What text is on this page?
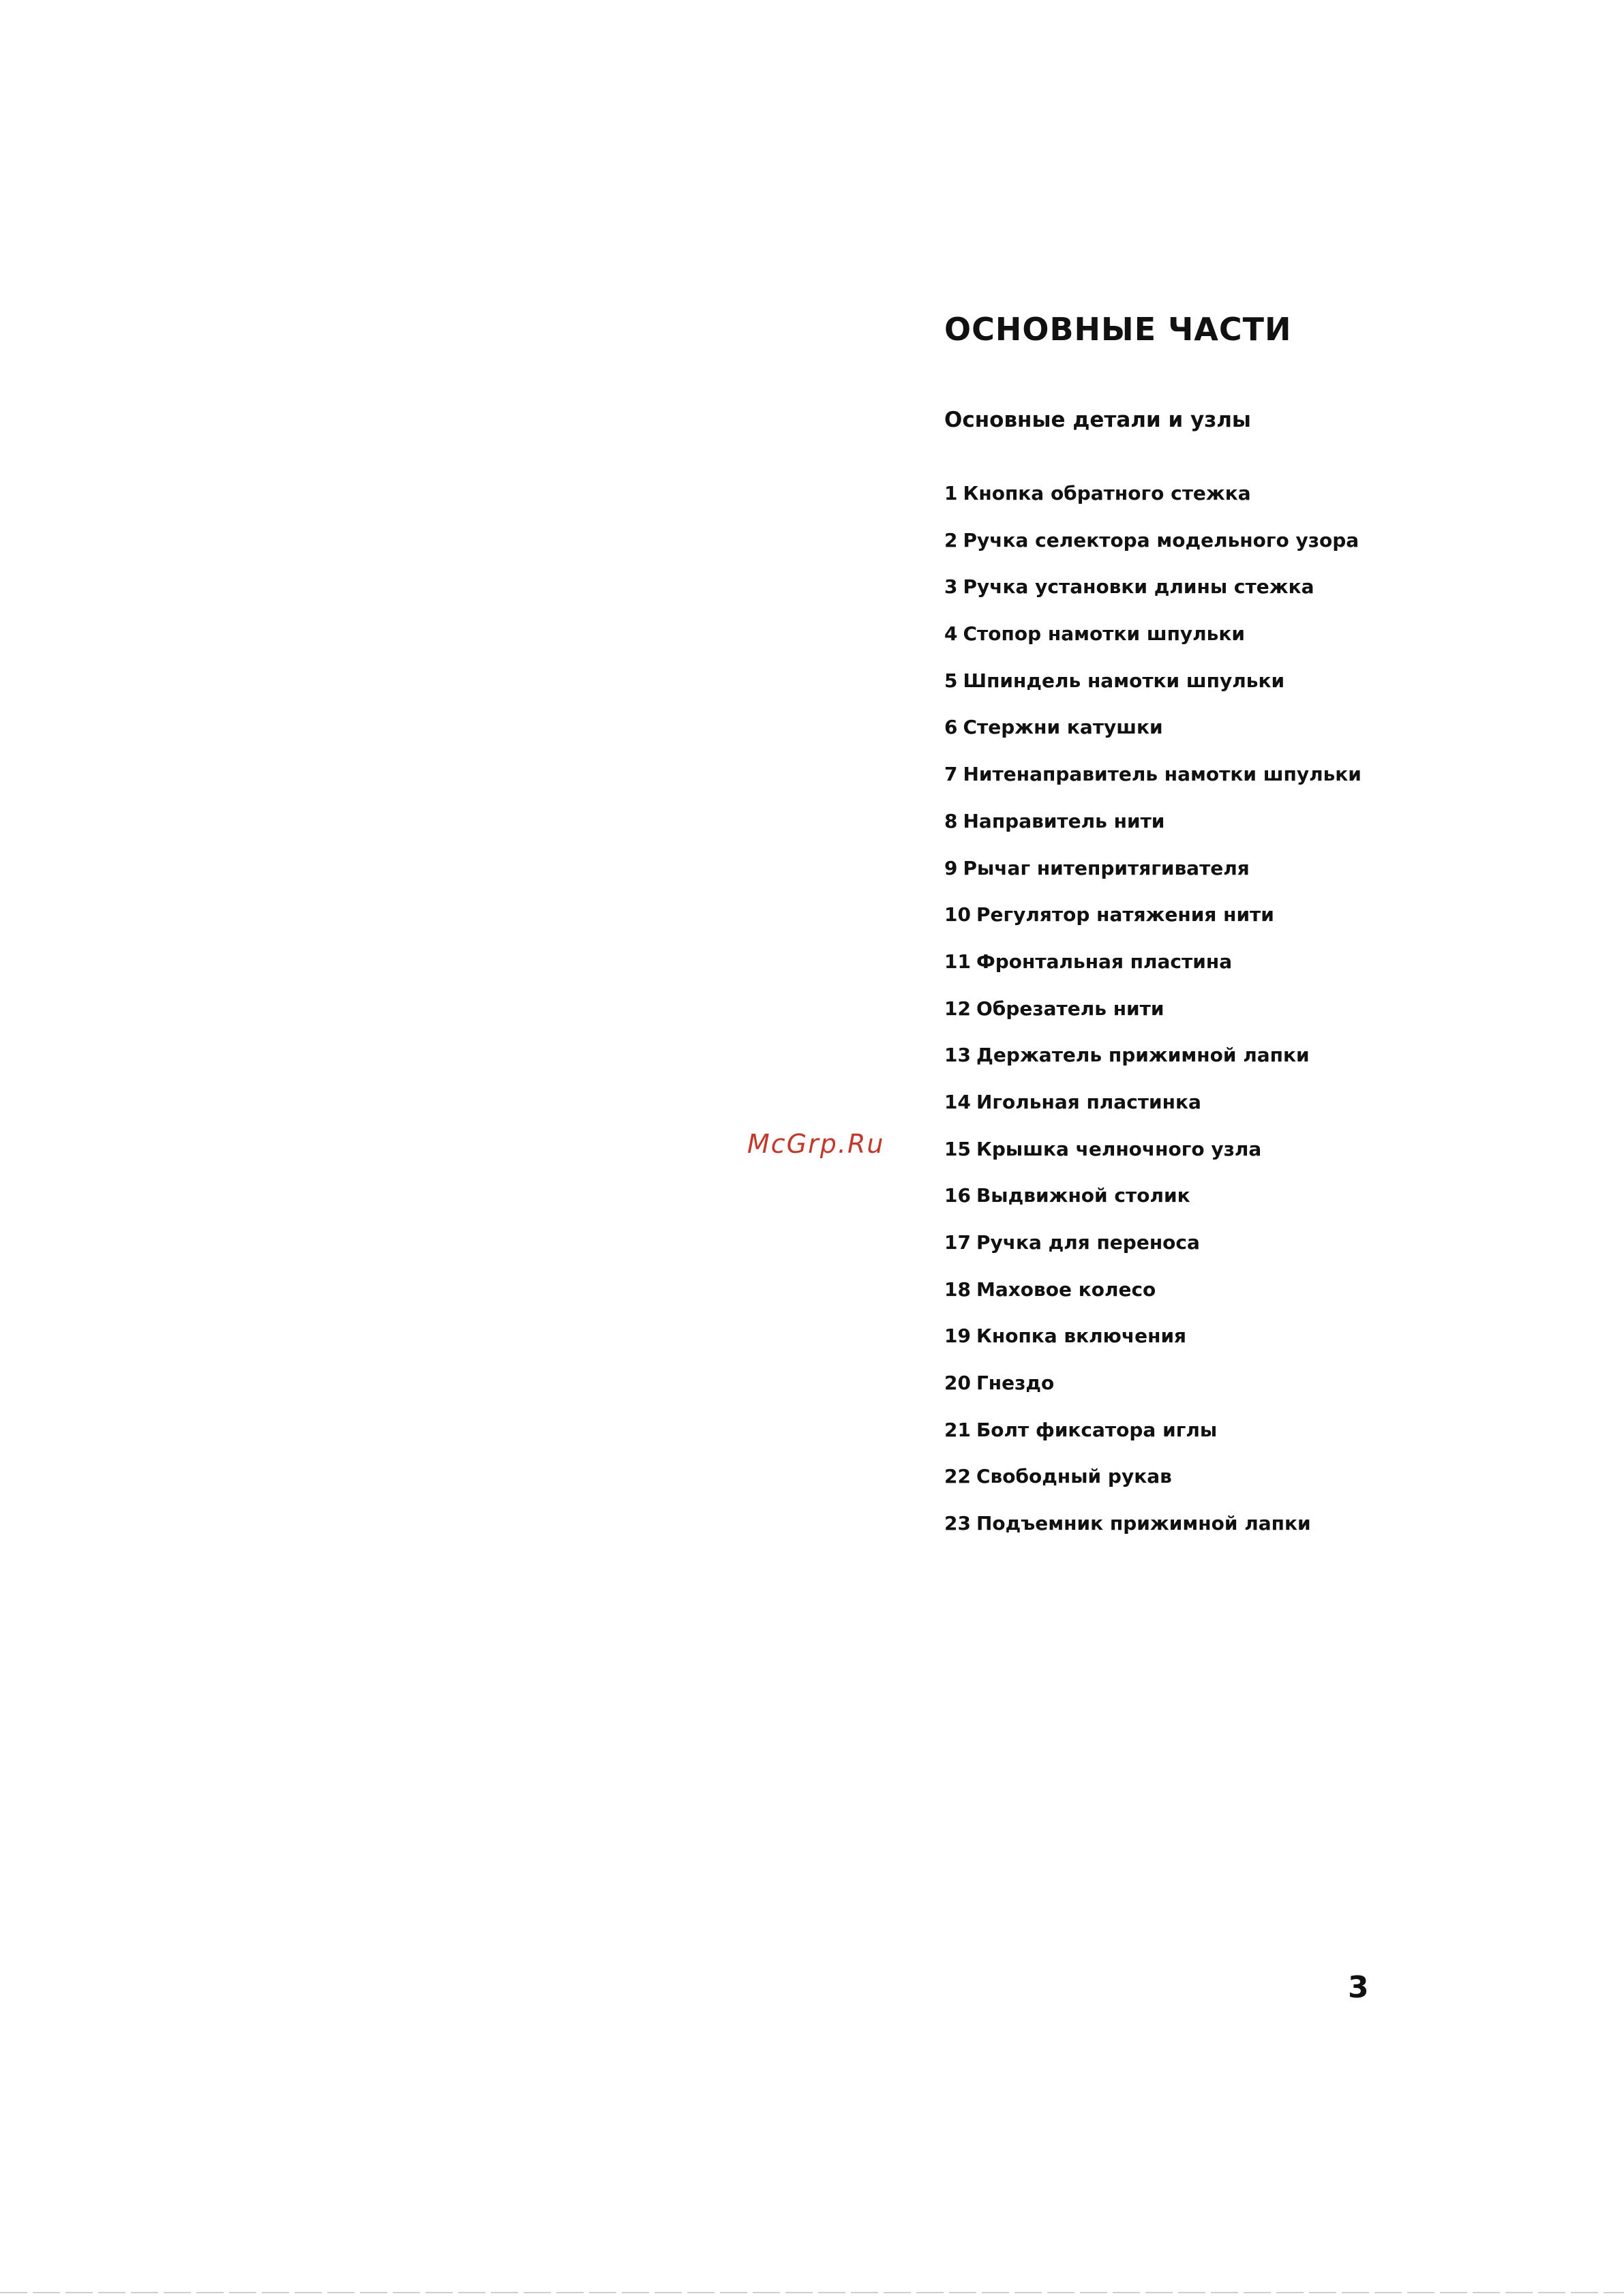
ОСНОВНЫЕ ЧАСТИ
Основные детали и узлы
1 Кнопка обратного стежка
2 Ручка селектора модельного узора
3 Ручка установки длины стежка
4 Стопор намотки шпульки
5 Шпиндель намотки шпульки
6 Стержни катушки
7 Нитенаправитель намотки шпульки
8 Направитель нити
9 Рычаг нитепритягивателя
10 Регулятор натяжения нити
11 Фронтальная пластина
12 Обрезатель нити
13 Держатель прижимной лапки
14 Игольная пластинка
15 Крышка челночного узла
16 Выдвижной столик
17 Ручка для переноса
18 Маховое колесо
19 Кнопка включения
20 Гнездо
21 Болт фиксатора иглы
22 Свободный рукав
23 Подъемник прижимной лапки
McGrp.Ru
3
